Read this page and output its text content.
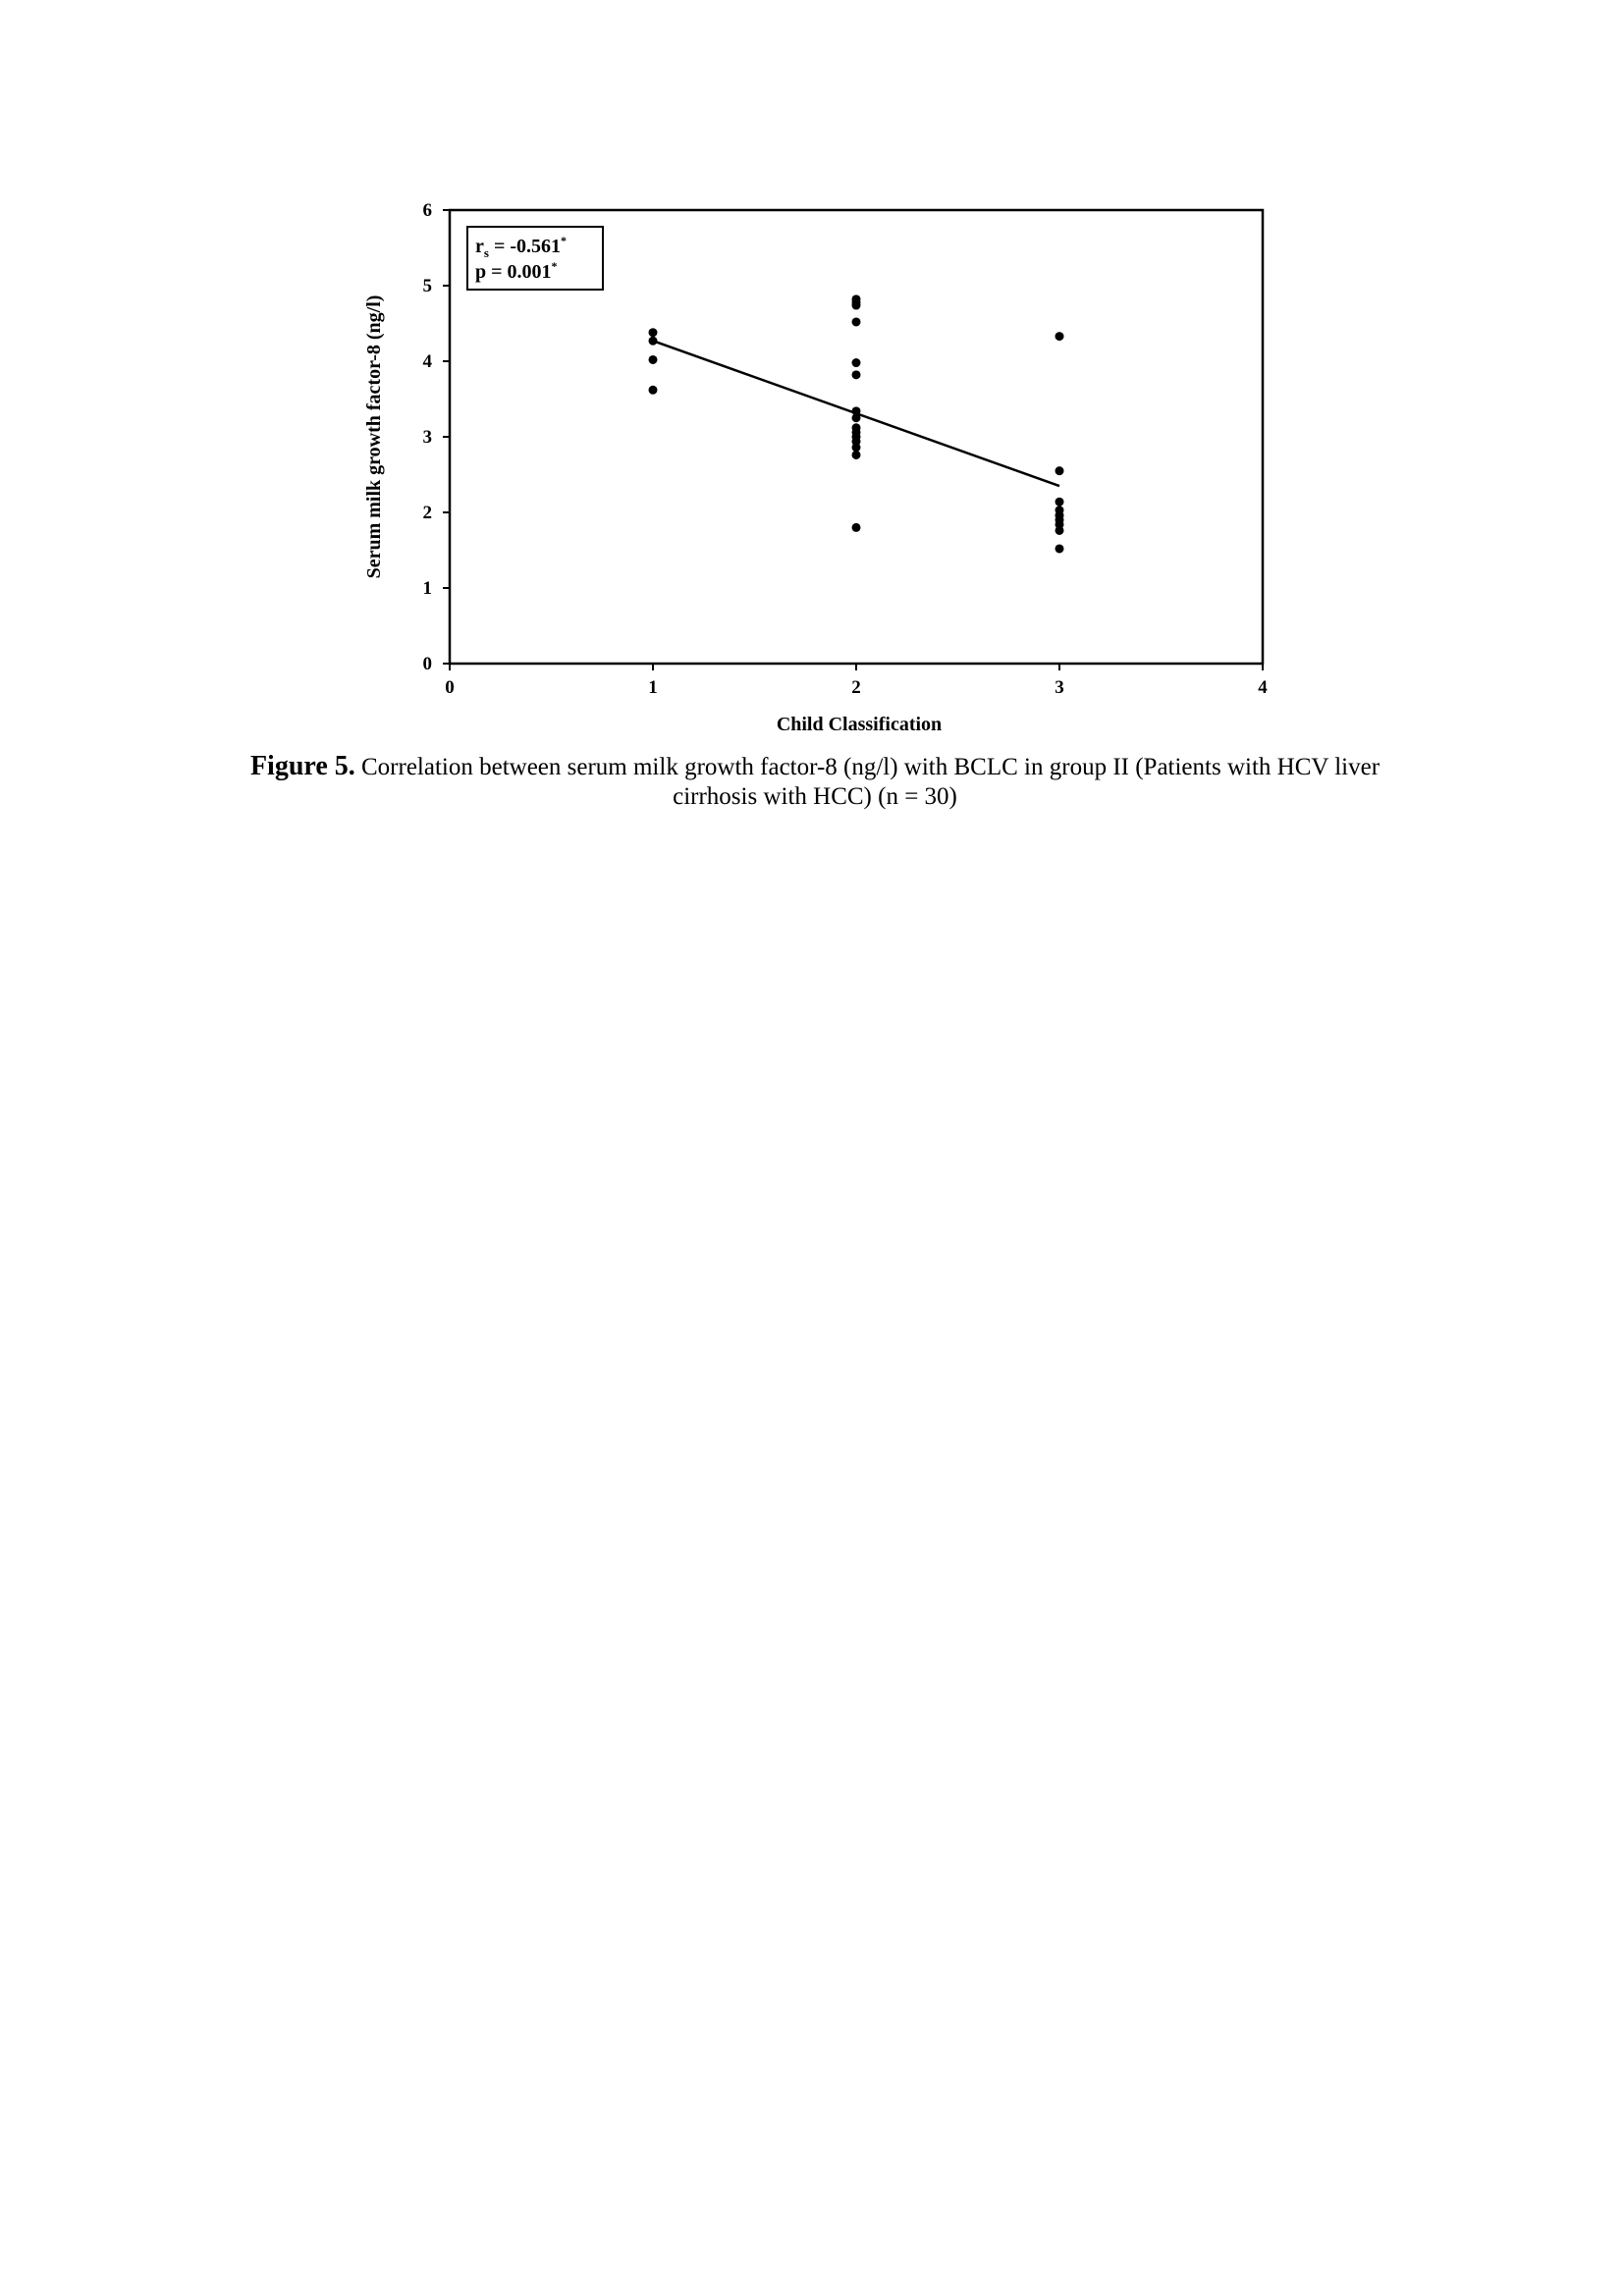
0	1	2	3	4
0
1
2
3
4
5
6
Child Classification
Serum milk growth factor-8 (ng/l)
$r_s = -0.561^*$
p = 0.001*
Figure 5. Correlation between serum milk growth factor-8 (ng/l) with BCLC in group II (Patients with HCV liver cirrhosis with HCC) (n = 30)
